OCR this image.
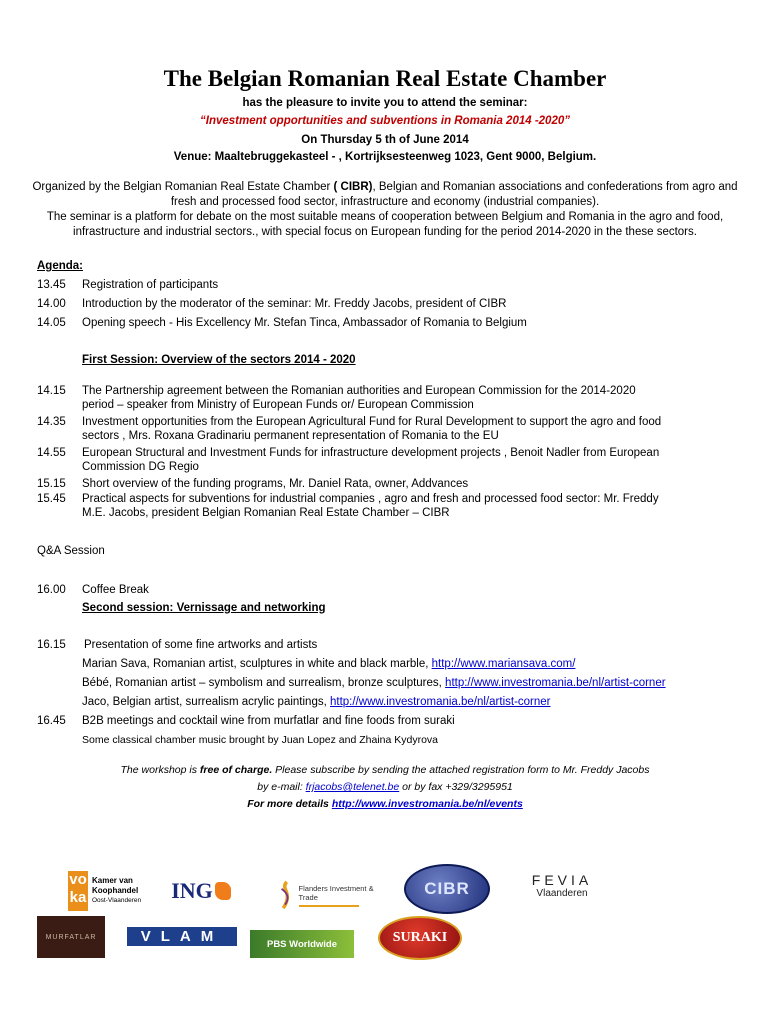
The Belgian Romanian Real Estate Chamber
has the pleasure to invite you to attend the seminar:
“Investment opportunities and subventions in Romania 2014 -2020”
On Thursday 5 th of June 2014
Venue: Maaltebruggekasteel - , Kortrijksesteenweg 1023, Gent 9000, Belgium.
Organized by the Belgian Romanian Real Estate Chamber ( CIBR), Belgian and Romanian associations and confederations from agro and fresh and processed food sector, infrastructure and economy (industrial companies).
The seminar is a platform for debate on the most suitable means of cooperation between Belgium and Romania in the agro and food, infrastructure and industrial sectors., with special focus on European funding for the period 2014-2020 in the these sectors.
Agenda:
13.45	Registration of participants
14.00	Introduction by the moderator of the seminar: Mr. Freddy Jacobs, president of CIBR
14.05	Opening speech - His Excellency Mr. Stefan Tinca, Ambassador of Romania to Belgium
First Session: Overview of the sectors 2014 - 2020
14.15	The Partnership agreement between the Romanian authorities and European Commission for the 2014-2020
period – speaker from Ministry of European Funds or/ European Commission
14.35	Investment opportunities from the European Agricultural Fund for Rural Development to support the agro and food
sectors , Mrs. Roxana Gradinariu permanent representation of Romania to the EU
14.55	European Structural and Investment Funds for infrastructure development projects , Benoit Nadler from European
Commission DG Regio
15.15	Short overview of the funding programs, Mr. Daniel Rata, owner, Addvances
15.45	Practical aspects for subventions for industrial companies , agro and fresh and processed food sector: Mr. Freddy
M.E. Jacobs, president Belgian Romanian Real Estate Chamber – CIBR
Q&A Session
16.00	Coffee Break
Second session: Vernissage and networking
16.15	Presentation of some fine artworks and artists
Marian Sava, Romanian artist, sculptures in white and black marble, http://www.mariansava.com/
Bébé, Romanian artist – symbolism and surrealism, bronze sculptures, http://www.investromania.be/nl/artist-corner
Jaco, Belgian artist, surrealism acrylic paintings, http://www.investromania.be/nl/artist-corner
16.45	B2B meetings and cocktail wine from murfatlar and fine foods from suraki
Some classical chamber music brought by Juan Lopez and Zhaina Kydyrova
The workshop is free of charge. Please subscribe by sending the attached registration form to Mr. Freddy Jacobs
by e-mail: frjacobs@telenet.be or by fax +329/3295951
For more details http://www.investromania.be/nl/events
vo
ka
Kamer van
Koophandel
Oost-Vlaanderen ING	Flanders Investment & Trade	CIBR	FEVIA
Vlaanderen
MURFATLAR	VLAM	PBS Worldwide	SURAKI
